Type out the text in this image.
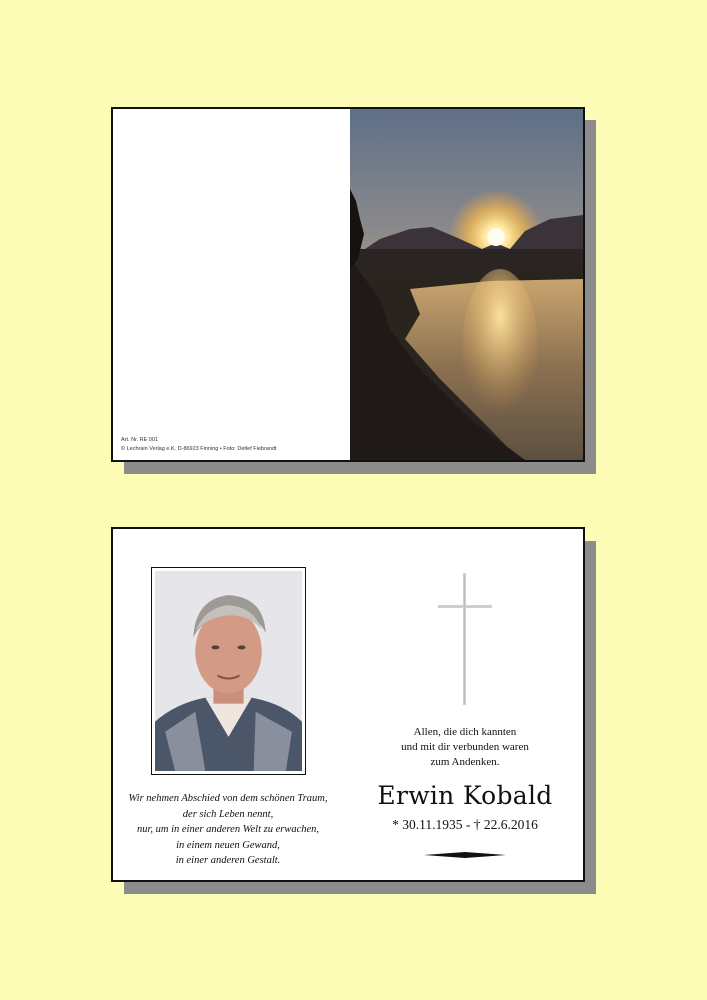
Art. Nr. RE 001
© Lechrain Verlag e.K. D-86923 Finning • Foto: Detlef Fiebrandt
Wir nehmen Abschied von dem schönen Traum,
der sich Leben nennt,
nur, um in einer anderen Welt zu erwachen,
in einem neuen Gewand,
in einer anderen Gestalt.
Allen, die dich kannten
und mit dir verbunden waren
zum Andenken.
Erwin Kobald
* 30.11.1935 - † 22.6.2016
